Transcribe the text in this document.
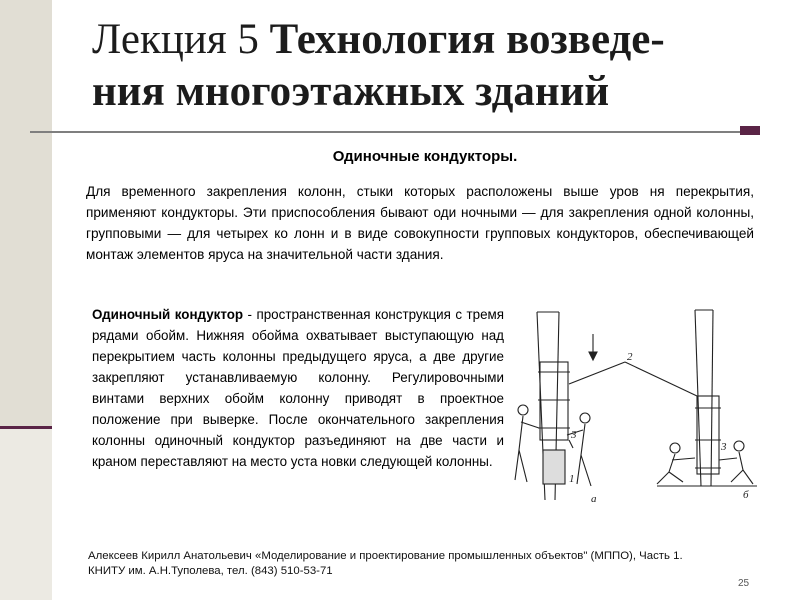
Лекция 5 Технология возведе-
ния многоэтажных зданий
Одиночные кондукторы.

Для временного закрепления колонн, стыки которых расположены выше уров ня перекрытия, применяют кондукторы. Эти приспособления бывают оди ночными — для закрепления одной колонны, групповыми — для четырех ко лонн и в виде совокупности групповых кондукторов, обеспечивающей монтаж элементов яруса на значительной части здания.

Одиночный кондуктор - пространственная конструкция с тремя рядами обойм. Нижняя обойма охватывает выступающую над перекрытием часть колонны предыдущего яруса, а две другие закрепляют устанавливаемую колонну. Регулировочными винтами верхних обойм колонну приводят в проектное положение при выверке. После окончательного закрепления колонны одиночный кондуктор разъединяют на две части и краном переставляют на место уста новки следующей колонны.

2
3
1
3
а	б
Алексеев Кирилл Анатольевич «Моделирование и проектирование промышленных объектов" (МППО), Часть 1.
КНИТУ им. А.Н.Туполева, тел. (843) 510-53-71
25
